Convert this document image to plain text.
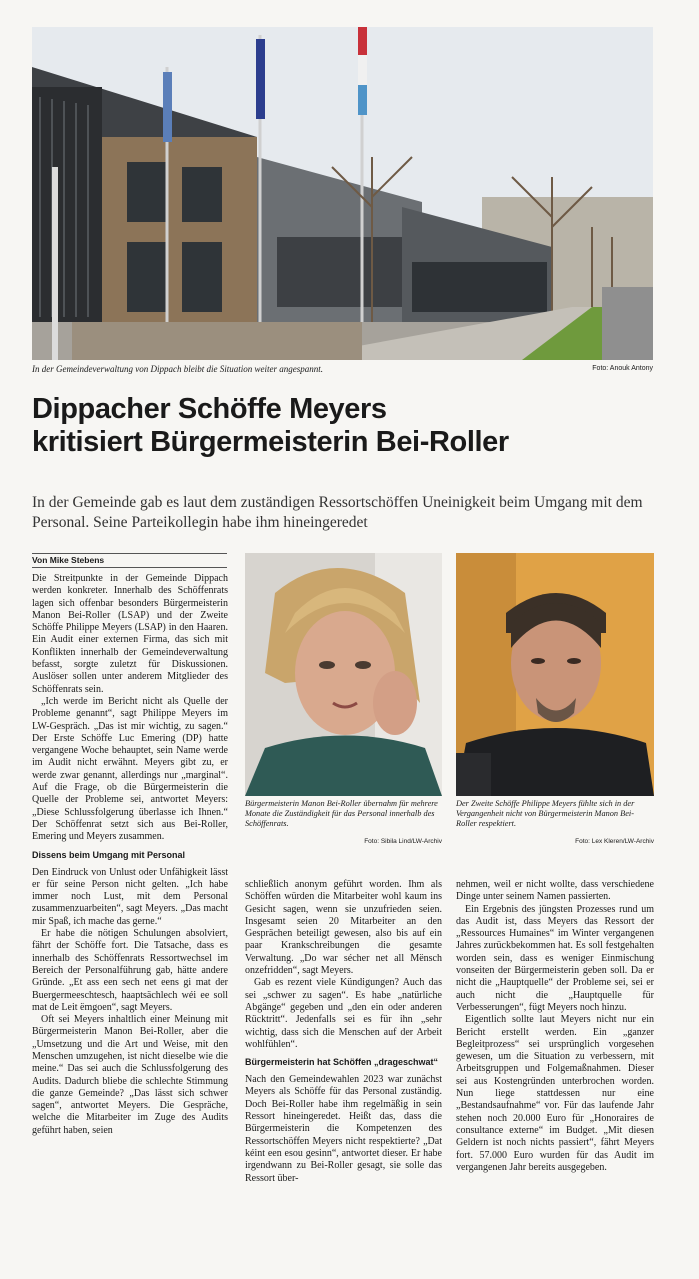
In der Gemeindeverwaltung von Dippach bleibt die Situation weiter angespannt.	Foto: Anouk Antony
Dippacher Schöffe Meyers
kritisiert Bürgermeisterin Bei-Roller
In der Gemeinde gab es laut dem zuständigen Ressortschöffen Uneinigkeit beim Umgang mit dem Personal. Seine Parteikollegin habe ihm hineingeredet
Von Mike Stebens

Die Streitpunkte in der Gemeinde Dippach werden konkreter. Innerhalb des Schöffenrats lagen sich offenbar besonders Bürgermeisterin Manon Bei-Roller (LSAP) und der Zweite Schöffe Philippe Meyers (LSAP) in den Haaren. Ein Audit einer externen Firma, das sich mit Konflikten innerhalb der Gemeindeverwaltung befasst, sorgte zuletzt für Diskussionen. Auslöser sollen unter anderem Mitglieder des Schöffenrats sein.

„Ich werde im Bericht nicht als Quelle der Probleme genannt“, sagt Philippe Meyers im LW-Gespräch. „Das ist mir wichtig, zu sagen.“ Der Erste Schöffe Luc Emering (DP) hatte vergangene Woche behauptet, sein Name werde im Audit nicht erwähnt. Meyers gibt zu, er werde zwar genannt, allerdings nur „marginal“. Auf die Frage, ob die Bürgermeisterin die Quelle der Probleme sei, antwortet Meyers: „Diese Schlussfolgerung überlasse ich Ihnen.“ Der Schöffenrat setzt sich aus Bei-Roller, Emering und Meyers zusammen.

Dissens beim Umgang mit Personal

Den Eindruck von Unlust oder Unfähigkeit lässt er für seine Person nicht gelten. „Ich habe immer noch Lust, mit dem Personal zusammenzuarbeiten“, sagt Meyers. „Das macht mir Spaß, ich mache das gerne.“

Er habe die nötigen Schulungen absolviert, fährt der Schöffe fort. Die Tatsache, dass es innerhalb des Schöffenrats Ressortwechsel im Bereich der Personalführung gab, hätte andere Gründe. „Et ass een sech net eens gi mat der Buergermeeschtesch, haaptsächlech wéi ee soll mat de Leit ëmgoen“, sagt Meyers.

Oft sei Meyers inhaltlich einer Meinung mit Bürgermeisterin Manon Bei-Roller, aber die „Umsetzung und die Art und Weise, mit den Menschen umzugehen, ist nicht dieselbe wie die meine.“ Das sei auch die Schlussfolgerung des Audits. Dadurch bliebe die schlechte Stimmung die ganze Gemeinde? „Das lässt sich schwer sagen“, antwortet Meyers. Die Gespräche, welche die Mitarbeiter im Zuge des Audits geführt haben, seien

Bürgermeisterin Manon Bei-Roller übernahm für mehrere Monate die Zuständigkeit für das Personal innerhalb des Schöffenrats.
Foto: Sibila Lind/LW-Archiv
Der Zweite Schöffe Philippe Meyers fühlte sich in der Vergangenheit nicht von Bürgermeisterin Manon Bei-Roller respektiert.
Foto: Lex Kleren/LW-Archiv

schließlich anonym geführt worden. Ihm als Schöffen würden die Mitarbeiter wohl kaum ins Gesicht sagen, wenn sie unzufrieden seien. Insgesamt seien 20 Mitarbeiter an den Gesprächen beteiligt gewesen, also bis auf ein paar Krankschreibungen die gesamte Verwaltung. „Do war sécher net all Mënsch onzefridden“, sagt Meyers.

Gab es rezent viele Kündigungen? Auch das sei „schwer zu sagen“. Es habe „natürliche Abgänge“ gegeben und „den ein oder anderen Rücktritt“. Jedenfalls sei es für ihn „sehr wichtig, dass sich die Menschen auf der Arbeit wohlfühlen“.

Bürgermeisterin hat Schöffen „drageschwat“

Nach den Gemeindewahlen 2023 war zunächst Meyers als Schöffe für das Personal zuständig. Doch Bei-Roller habe ihm regelmäßig in sein Ressort hineingeredet. Heißt das, dass die Bürgermeisterin die Kompetenzen des Ressortschöffen Meyers nicht respektierte? „Dat kéint een esou gesinn“, antwortet dieser. Er habe irgendwann zu Bei-Roller gesagt, sie solle das Ressort über-

nehmen, weil er nicht wollte, dass verschiedene Dinge unter seinem Namen passierten.

Ein Ergebnis des jüngsten Prozesses rund um das Audit ist, dass Meyers das Ressort der „Ressources Humaines“ im Winter vergangenen Jahres zurückbekommen hat. Es soll festgehalten worden sein, dass es weniger Einmischung vonseiten der Bürgermeisterin geben soll. Da er nicht die „Hauptquelle“ der Probleme sei, sei er auch nicht die „Hauptquelle für Verbesserungen“, fügt Meyers noch hinzu.

Eigentlich sollte laut Meyers nicht nur ein Bericht erstellt werden. Ein „ganzer Begleitprozess“ sei ursprünglich vorgesehen gewesen, um die Situation zu verbessern, mit Arbeitsgruppen und Folgemaßnahmen. Dieser sei aus Kostengründen unterbrochen worden. Nun liege stattdessen nur eine „Bestandsaufnahme“ vor. Für das laufende Jahr stehen noch 20.000 Euro für „Honoraires de consultance externe“ im Budget. „Mit diesen Geldern ist noch nichts passiert“, fährt Meyers fort. 57.000 Euro wurden für das Audit im vergangenen Jahr bereits ausgegeben.
